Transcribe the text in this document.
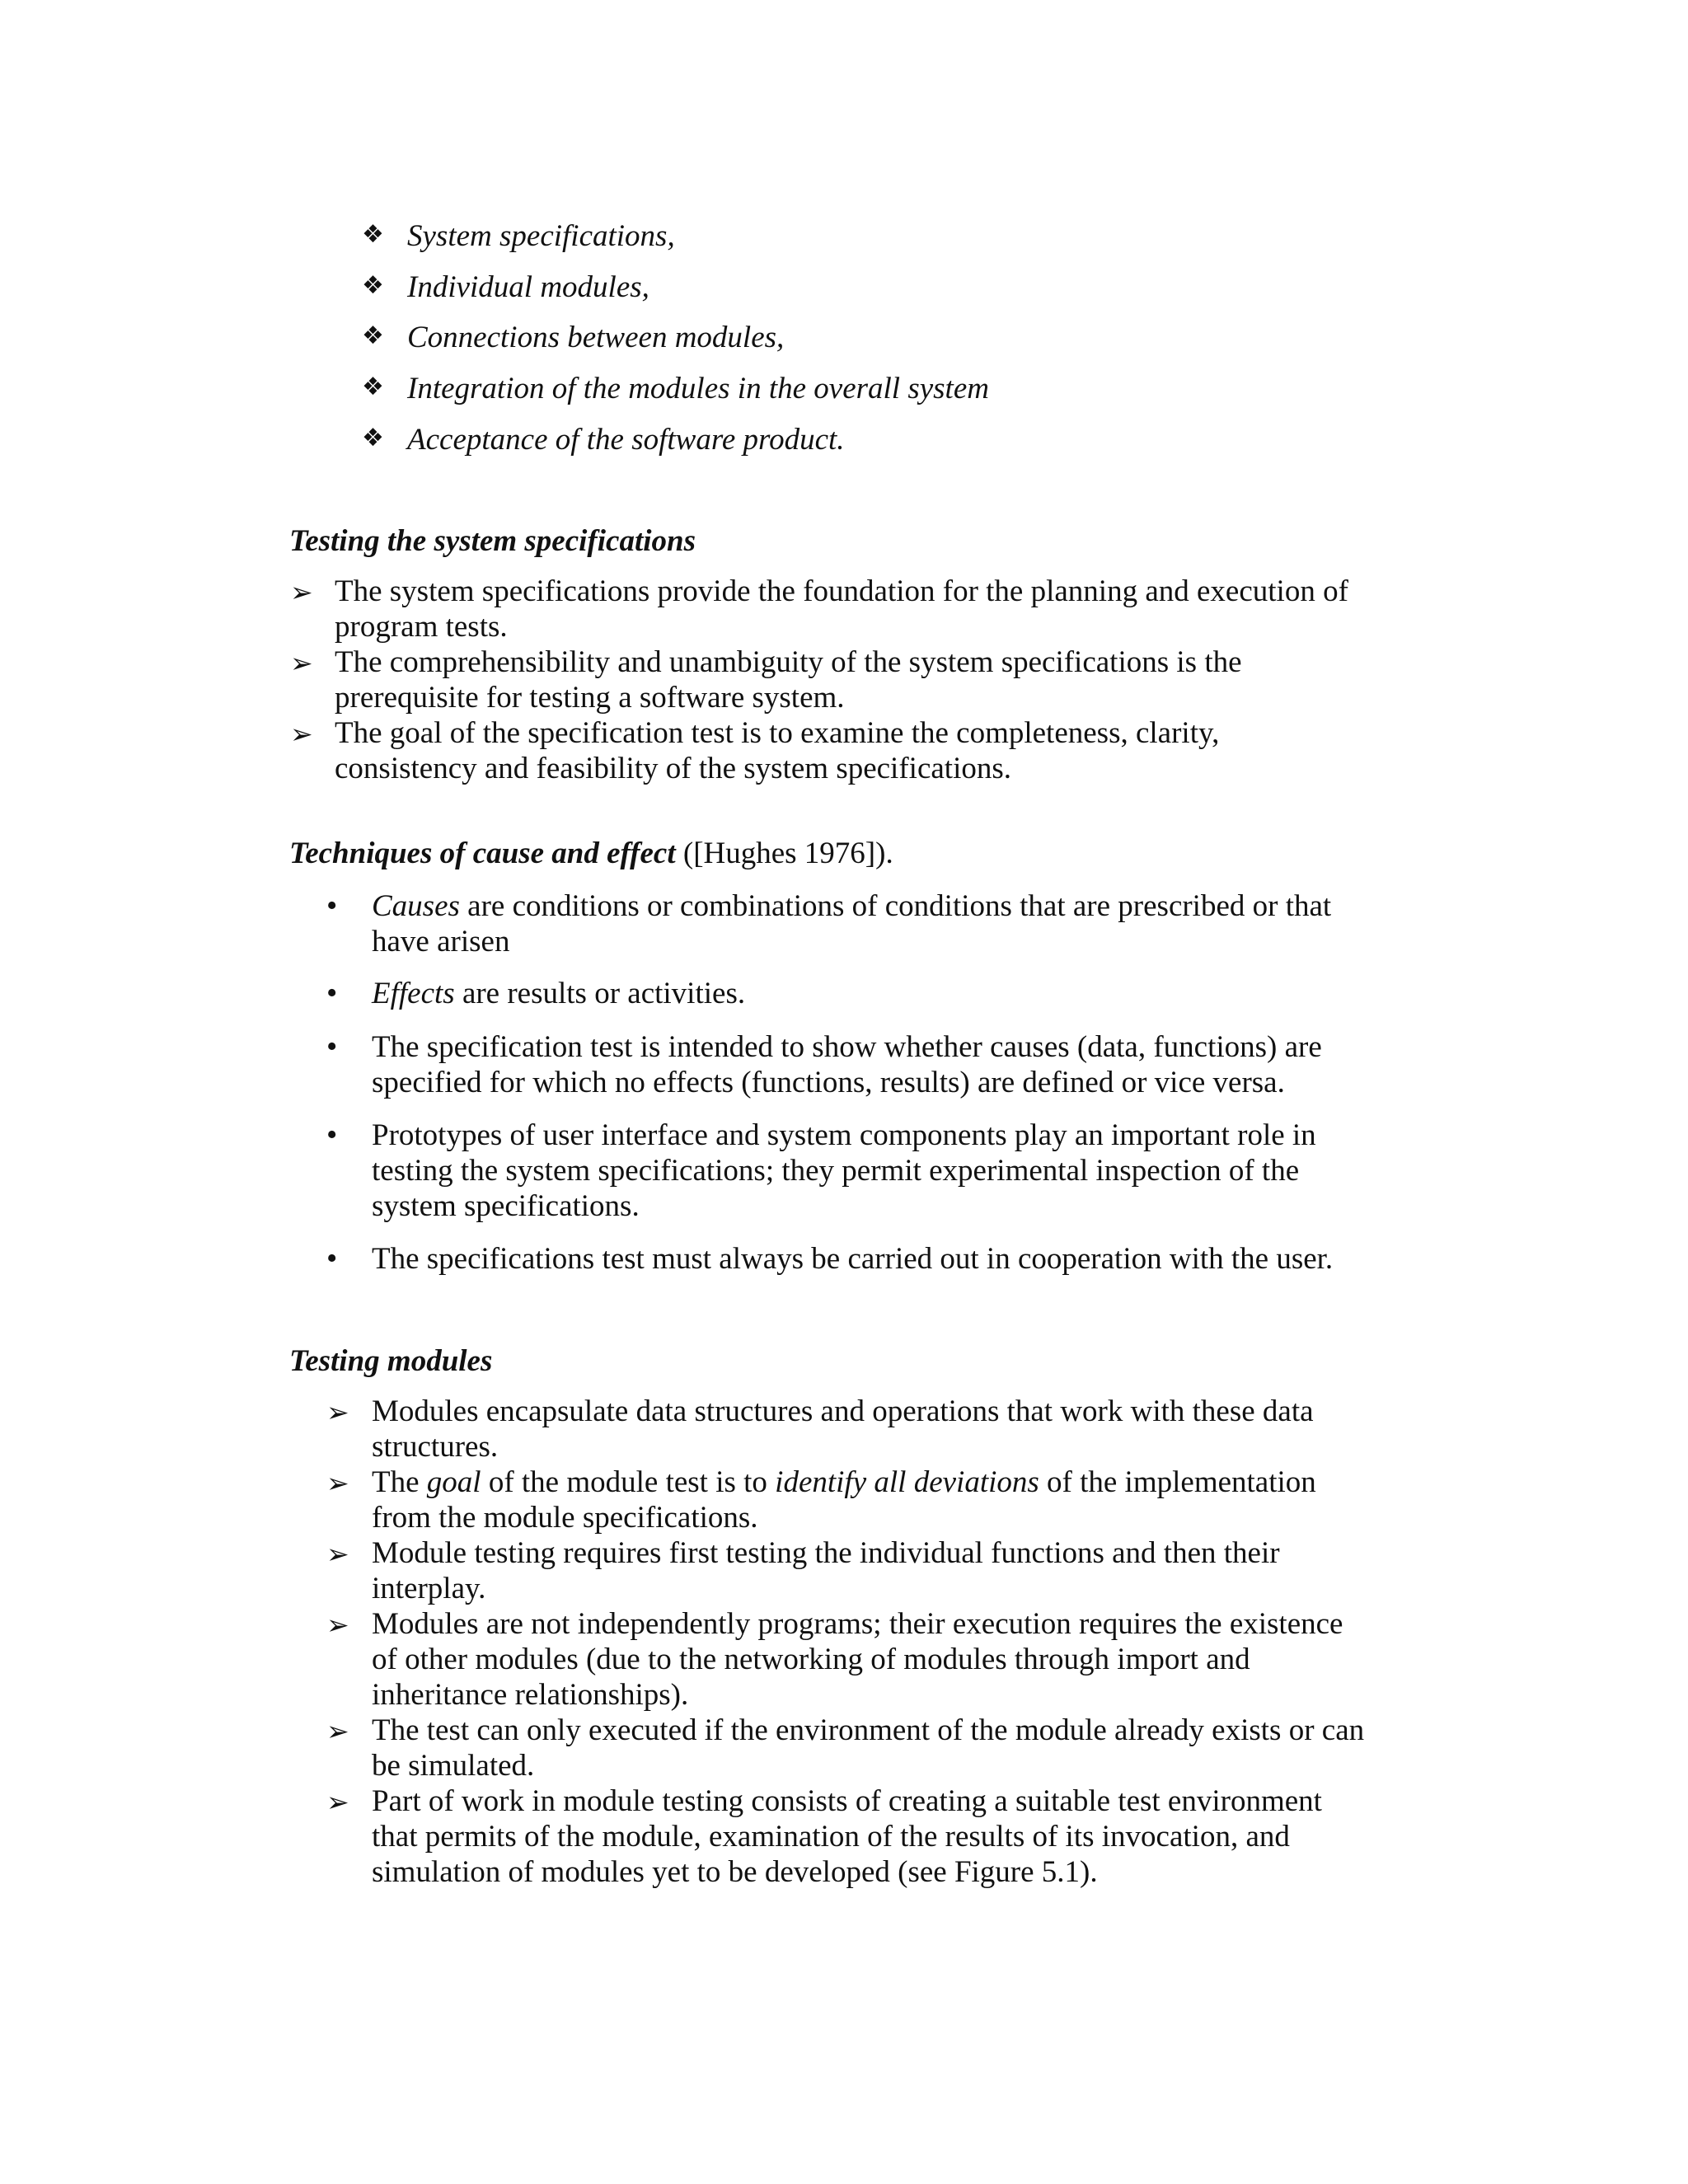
❖ System specifications,
❖ Individual modules,
❖ Connections between modules,
❖ Integration of the modules in the overall system
❖ Acceptance of the software product.
Testing the system specifications
➢ The system specifications provide the foundation for the planning and execution of
program tests.
➢ The comprehensibility and unambiguity of the system specifications is the
prerequisite for testing a software system.
➢ The goal of the specification test is to examine the completeness, clarity,
consistency and feasibility of the system specifications.
Techniques of cause and effect ([Hughes 1976]).
• Causes are conditions or combinations of conditions that are prescribed or that
have arisen
• Effects are results or activities.
• The specification test is intended to show whether causes (data, functions) are
specified for which no effects (functions, results) are defined or vice versa.
• Prototypes of user interface and system components play an important role in
testing the system specifications; they permit experimental inspection of the
system specifications.
• The specifications test must always be carried out in cooperation with the user.
Testing modules
➢ Modules encapsulate data structures and operations that work with these data
structures.
➢ The goal of the module test is to identify all deviations of the implementation
from the module specifications.
➢ Module testing requires first testing the individual functions and then their
interplay.
➢ Modules are not independently programs; their execution requires the existence
of other modules (due to the networking of modules through import and
inheritance relationships).
➢ The test can only executed if the environment of the module already exists or can
be simulated.
➢ Part of work in module testing consists of creating a suitable test environment
that permits of the module, examination of the results of its invocation, and
simulation of modules yet to be developed (see Figure 5.1).
